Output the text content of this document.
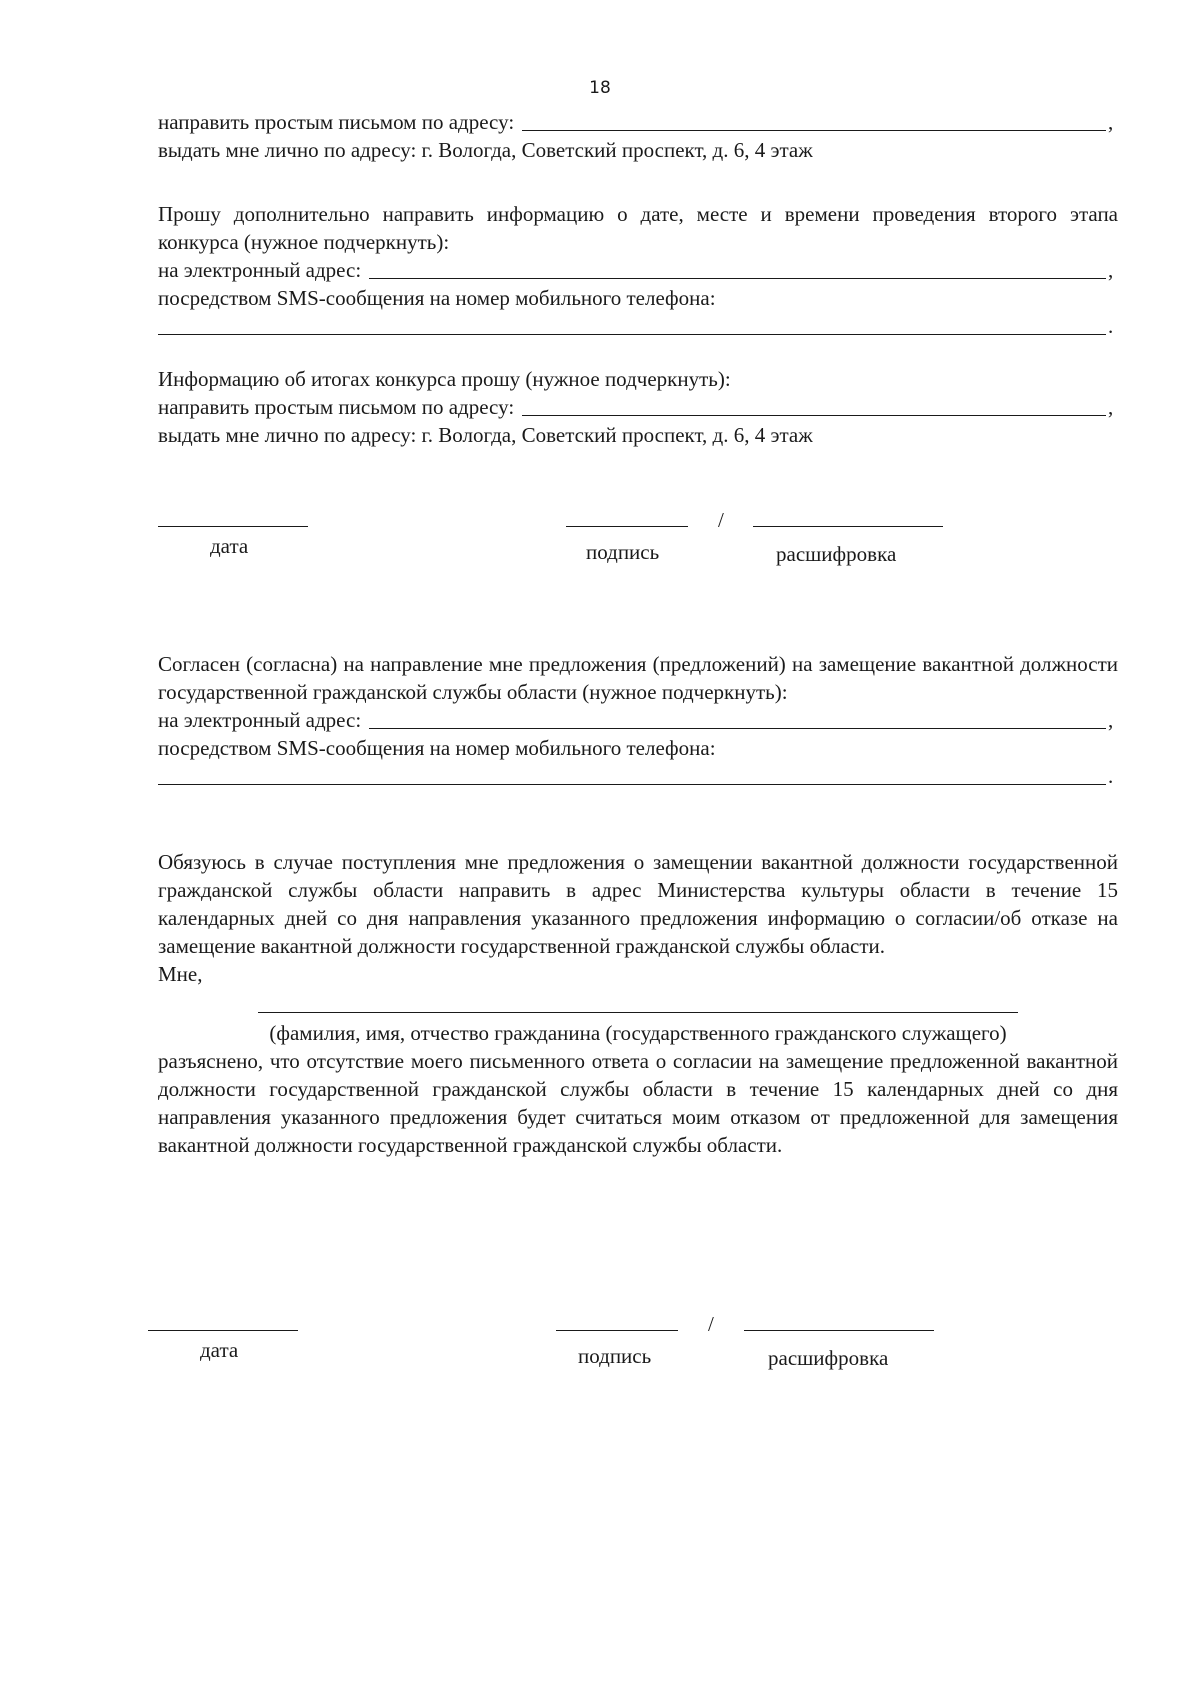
18
направить простым письмом по адресу:	,
выдать мне лично по адресу: г. Вологда, Советский проспект, д. 6, 4 этаж
Прошу дополнительно направить информацию о дате, месте и времени проведения второго этапа конкурса (нужное подчеркнуть):
на электронный адрес:	,
посредством SMS-сообщения на номер мобильного телефона:
.
Информацию об итогах конкурса прошу (нужное подчеркнуть):
направить простым письмом по адресу:	,
выдать мне лично по адресу: г. Вологда, Советский проспект, д. 6, 4 этаж
дата	подпись
/
расшифровка
Согласен (согласна) на направление мне предложения (предложений) на замещение вакантной должности государственной гражданской службы области (нужное подчеркнуть):
на электронный адрес:	,
посредством SMS-сообщения на номер мобильного телефона:
.
Обязуюсь в случае поступления мне предложения о замещении вакантной должности государственной гражданской службы области направить в адрес Министерства культуры области в течение 15 календарных дней со дня направления указанного предложения информацию о согласии/об отказе на замещение вакантной должности государственной гражданской службы области.
Мне,
(фамилия, имя, отчество гражданина (государственного гражданского служащего)
разъяснено, что отсутствие моего письменного ответа о согласии на замещение предложенной вакантной должности государственной гражданской службы области в течение 15 календарных дней со дня направления указанного предложения будет считаться моим отказом от предложенной для замещения вакантной должности государственной гражданской службы области.
дата	подпись
/
расшифровка
